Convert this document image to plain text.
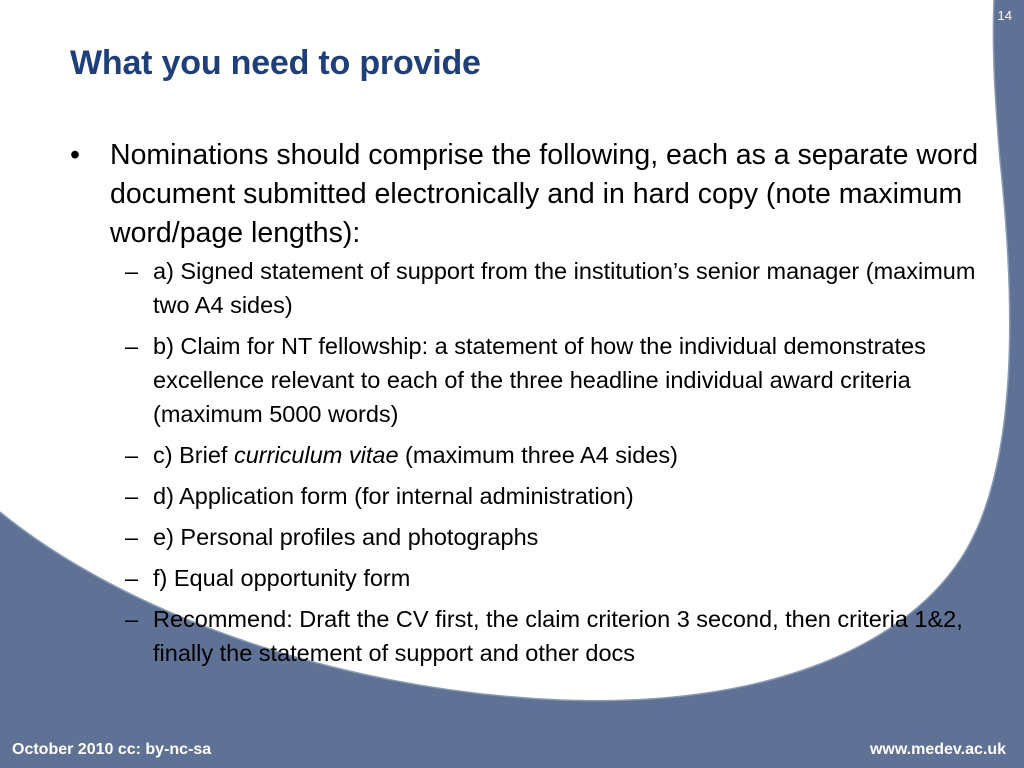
14
What you need to provide

• Nominations should comprise the following, each as a separate word document submitted electronically and in hard copy (note maximum word/page lengths):

– a) Signed statement of support from the institution’s senior manager (maximum two A4 sides)
– b) Claim for NT fellowship: a statement of how the individual demonstrates excellence relevant to each of the three headline individual award criteria (maximum 5000 words)
– c) Brief curriculum vitae (maximum three A4 sides)
– d) Application form (for internal administration)
– e) Personal profiles and photographs
– f) Equal opportunity form
– Recommend: Draft the CV first, the claim criterion 3 second, then criteria 1&2, finally the statement of support and other docs
October 2010 cc: by-nc-sa	www.medev.ac.uk
